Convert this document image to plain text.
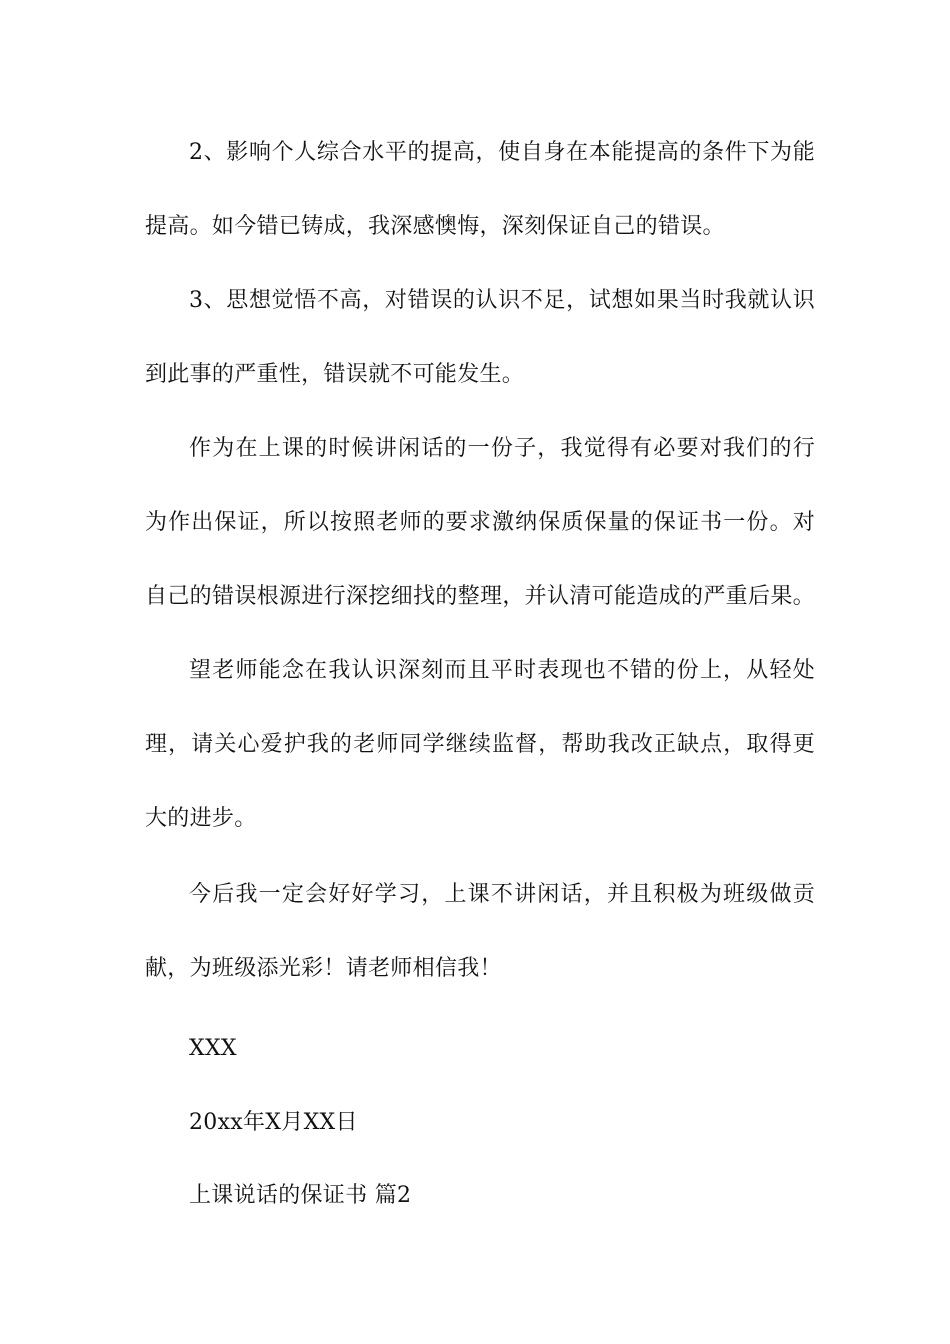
2、影响个人综合水平的提高，使自身在本能提高的条件下为能
提高。如今错已铸成，我深感懊悔，深刻保证自己的错误。
3、思想觉悟不高，对错误的认识不足，试想如果当时我就认识
到此事的严重性，错误就不可能发生。
作为在上课的时候讲闲话的一份子，我觉得有必要对我们的行
为作出保证，所以按照老师的要求激纳保质保量的保证书一份。对
自己的错误根源进行深挖细找的整理，并认清可能造成的严重后果。
望老师能念在我认识深刻而且平时表现也不错的份上，从轻处
理，请关心爱护我的老师同学继续监督，帮助我改正缺点，取得更
大的进步。
今后我一定会好好学习，上课不讲闲话，并且积极为班级做贡
献，为班级添光彩！请老师相信我！
XXX
20xx年X月XX日
上课说话的保证书 篇2
